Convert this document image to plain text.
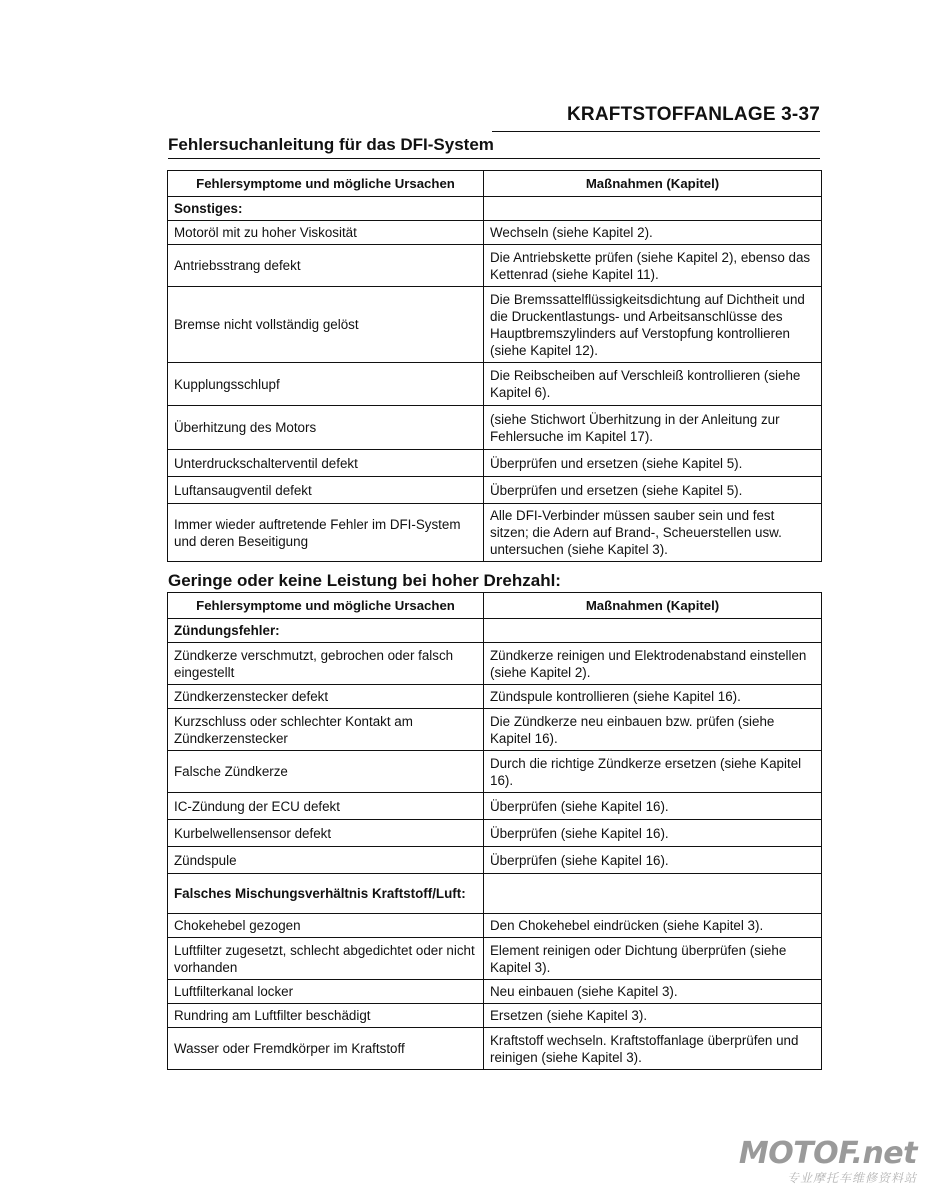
KRAFTSTOFFANLAGE 3-37
Fehlersuchanleitung für das DFI-System
Fehlersymptome und mögliche Ursachen	Maßnahmen (Kapitel)
Sonstiges:	
Motoröl mit zu hoher Viskosität	Wechseln (siehe Kapitel 2).
Antriebsstrang defekt	Die Antriebskette prüfen (siehe Kapitel 2), ebenso das Kettenrad (siehe Kapitel 11).
Bremse nicht vollständig gelöst	Die Bremssattelflüssigkeitsdichtung auf Dichtheit und die Druckentlastungs- und Arbeitsanschlüsse des Hauptbremszylinders auf Verstopfung kontrollieren (siehe Kapitel 12).
Kupplungsschlupf	Die Reibscheiben auf Verschleiß kontrollieren (siehe Kapitel 6).
Überhitzung des Motors	(siehe Stichwort Überhitzung in der Anleitung zur Fehlersuche im Kapitel 17).
Unterdruckschalterventil defekt	Überprüfen und ersetzen (siehe Kapitel 5).
Luftansaugventil defekt	Überprüfen und ersetzen (siehe Kapitel 5).
Immer wieder auftretende Fehler im DFI-System und deren Beseitigung	Alle DFI-Verbinder müssen sauber sein und fest sitzen; die Adern auf Brand-, Scheuerstellen usw. untersuchen (siehe Kapitel 3).
Geringe oder keine Leistung bei hoher Drehzahl:
Fehlersymptome und mögliche Ursachen	Maßnahmen (Kapitel)
Zündungsfehler:	
Zündkerze verschmutzt, gebrochen oder falsch eingestellt	Zündkerze reinigen und Elektrodenabstand einstellen (siehe Kapitel 2).
Zündkerzenstecker defekt	Zündspule kontrollieren (siehe Kapitel 16).
Kurzschluss oder schlechter Kontakt am Zündkerzenstecker	Die Zündkerze neu einbauen bzw. prüfen (siehe Kapitel 16).
Falsche Zündkerze	Durch die richtige Zündkerze ersetzen (siehe Kapitel 16).
IC-Zündung der ECU defekt	Überprüfen (siehe Kapitel 16).
Kurbelwellensensor defekt	Überprüfen (siehe Kapitel 16).
Zündspule	Überprüfen (siehe Kapitel 16).
Falsches Mischungsverhältnis Kraftstoff/Luft:	
Chokehebel gezogen	Den Chokehebel eindrücken (siehe Kapitel 3).
Luftfilter zugesetzt, schlecht abgedichtet oder nicht vorhanden	Element reinigen oder Dichtung überprüfen (siehe Kapitel 3).
Luftfilterkanal locker	Neu einbauen (siehe Kapitel 3).
Rundring am Luftfilter beschädigt	Ersetzen (siehe Kapitel 3).
Wasser oder Fremdkörper im Kraftstoff	Kraftstoff wechseln. Kraftstoffanlage überprüfen und reinigen (siehe Kapitel 3).
MOTOF.net
专业摩托车维修资料站
